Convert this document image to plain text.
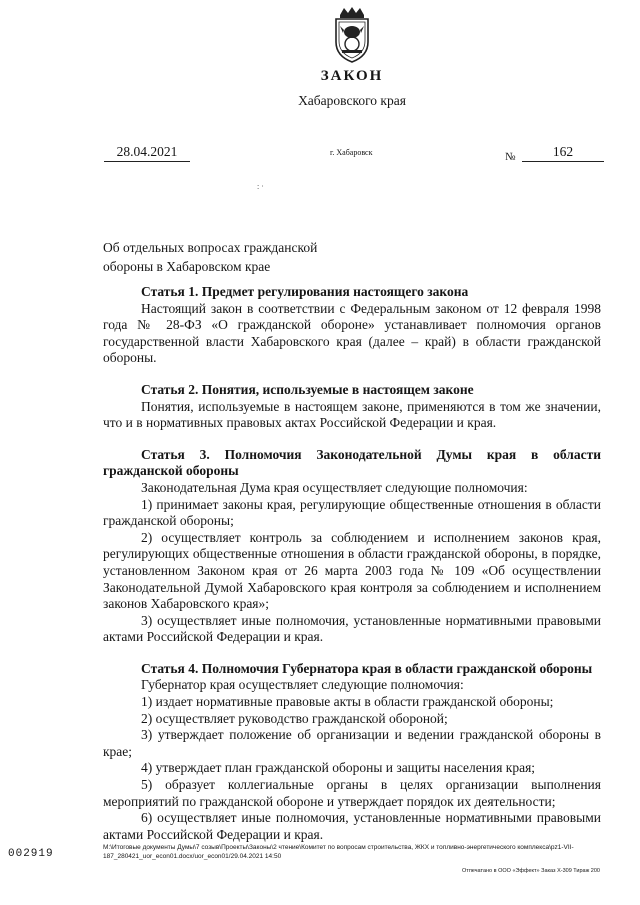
ЗАКОН
Хабаровского края
28.04.2021	г. Хабаровск	№	162
: ·
Об отдельных вопросах гражданской
обороны в Хабаровском крае

Статья 1. Предмет регулирования настоящего закона

Настоящий закон в соответствии с Федеральным законом от 12 февраля 1998 года № 28-ФЗ «О гражданской обороне» устанавливает полномочия органов государственной власти Хабаровского края (далее – край) в области гражданской обороны.

Статья 2. Понятия, используемые в настоящем законе

Понятия, используемые в настоящем законе, применяются в том же значении, что и в нормативных правовых актах Российской Федерации и края.

Статья 3. Полномочия Законодательной Думы края в области гражданской обороны

Законодательная Дума края осуществляет следующие полномочия:

1) принимает законы края, регулирующие общественные отношения в области гражданской обороны;

2) осуществляет контроль за соблюдением и исполнением законов края, регулирующих общественные отношения в области гражданской обороны, в порядке, установленном Законом края от 26 марта 2003 года № 109 «Об осуществлении Законодательной Думой Хабаровского края контроля за соблюдением и исполнением законов Хабаровского края»;

3) осуществляет иные полномочия, установленные нормативными правовыми актами Российской Федерации и края.

Статья 4. Полномочия Губернатора края в области гражданской обороны

Губернатор края осуществляет следующие полномочия:

1) издает нормативные правовые акты в области гражданской обороны;

2) осуществляет руководство гражданской обороной;

3) утверждает положение об организации и ведении гражданской обороны в крае;

4) утверждает план гражданской обороны и защиты населения края;

5) образует коллегиальные органы в целях организации выполнения мероприятий по гражданской обороне и утверждает порядок их деятельности;

6) осуществляет иные полномочия, установленные нормативными правовыми актами Российской Федерации и края.

002919
M:\Итоговые документы Думы\7 созыв\Проекты\Законы\2 чтение\Комитет по вопросам строительства, ЖКХ и топливно-энергетического комплекса\pz1-VII-187_280421_uor_econ01.docx/uor_econ01/29.04.2021 14:50
Отпечатано в ООО «Эффект» Заказ X-309 Тираж 200
